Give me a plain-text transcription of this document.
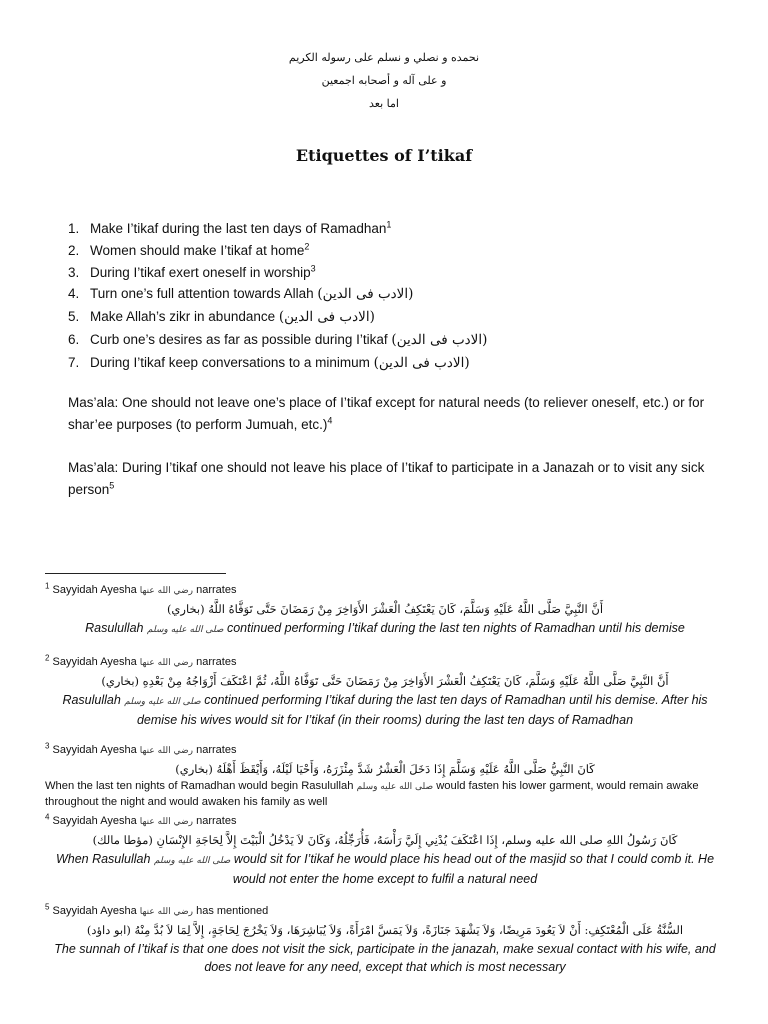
نحمده و نصلي و نسلم على رسوله الكريم
و على آله و أصحابه اجمعين
اما بعد
Etiquettes of I’tikaf
1. Make I’tikaf during the last ten days of Ramadhan$^1$
2. Women should make I’tikaf at home$^2$
3. During I’tikaf exert oneself in worship$^3$
4. Turn one’s full attention towards Allah (الادب فی الدين)
5. Make Allah’s zikr in abundance (الادب فی الدين)
6. Curb one’s desires as far as possible during I’tikaf (الادب فی الدين)
7. During I’tikaf keep conversations to a minimum (الادب فی الدين)
Mas’ala: One should not leave one’s place of I’tikaf except for natural needs (to reliever oneself, etc.) or for shar’ee purposes (to perform Jumuah, etc.)$^4$
Mas’ala: During I’tikaf one should not leave his place of I’tikaf to participate in a Janazah or to visit any sick person$^5$
$^1$ Sayyidah Ayesha رضي الله عنها narrates
أَنَّ النَّبِيَّ صَلَّى اللَّهُ عَلَيْهِ وَسَلَّمَ، كَانَ يَعْتَكِفُ الْعَشْرَ الأَوَاخِرَ مِنْ رَمَضَانَ حَتَّى تَوَفَّاهُ اللَّهُ (بخاري)
Rasulullah صلى الله عليه وسلم continued performing I’tikaf during the last ten nights of Ramadhan until his demise
$^2$ Sayyidah Ayesha رضي الله عنها narrates
أَنَّ النَّبِيَّ صَلَّى اللَّهُ عَلَيْهِ وَسَلَّمَ، كَانَ يَعْتَكِفُ الْعَشْرَ الأَوَاخِرَ مِنْ رَمَضَانَ حَتَّى تَوَفَّاهُ اللَّهُ، ثُمَّ اعْتَكَفَ أَزْوَاجُهُ مِنْ بَعْدِهِ (بخاري)
Rasulullah صلى الله عليه وسلم continued performing I’tikaf during the last ten days of Ramadhan until his demise. After his demise his wives would sit for I’tikaf (in their rooms) during the last ten days of Ramadhan
$^3$ Sayyidah Ayesha رضي الله عنها narrates
كَانَ النَّبِيُّ صَلَّى اللَّهُ عَلَيْهِ وَسَلَّمَ إِذَا دَخَلَ الْعَشْرُ شَدَّ مِئْزَرَهُ، وَأَحْيَا لَيْلَهُ، وَأَيْقَظَ أَهْلَهُ (بخاري)
When the last ten nights of Ramadhan would begin Rasulullah صلى الله عليه وسلم would fasten his lower garment, would remain awake throughout the night and would awaken his family as well
$^4$ Sayyidah Ayesha رضي الله عنها narrates
كَانَ رَسُولُ اللهِ صلى الله عليه وسلم، إِذَا اعْتَكَفَ يُدْنِي إِلَيَّ رَأْسَهُ، فَأُرَجِّلُهُ، وَكَانَ لاَ يَدْخُلُ الْبَيْتَ إِلاَّ لِحَاجَةِ الإِنْسَانِ (مؤطا مالك)
When Rasulullah صلى الله عليه وسلم would sit for I’tikaf he would place his head out of the masjid so that I could comb it. He would not enter the home except to fulfil a natural need
$^5$ Sayyidah Ayesha رضي الله عنها has mentioned
السُّنَّةُ عَلَى الْمُعْتَكِفِ: أَنْ لاَ يَعُودَ مَرِيضًا، وَلاَ يَشْهَدَ جَنَازَةً، وَلاَ يَمَسَّ امْرَأَةً، وَلاَ يُبَاشِرَهَا، وَلاَ يَخْرُجَ لِحَاجَةٍ، إِلاَّ لِمَا لاَ بُدَّ مِنْهُ (ابو داؤد)
The sunnah of I’tikaf is that one does not visit the sick, participate in the janazah, make sexual contact with his wife, and does not leave for any need, except that which is most necessary
